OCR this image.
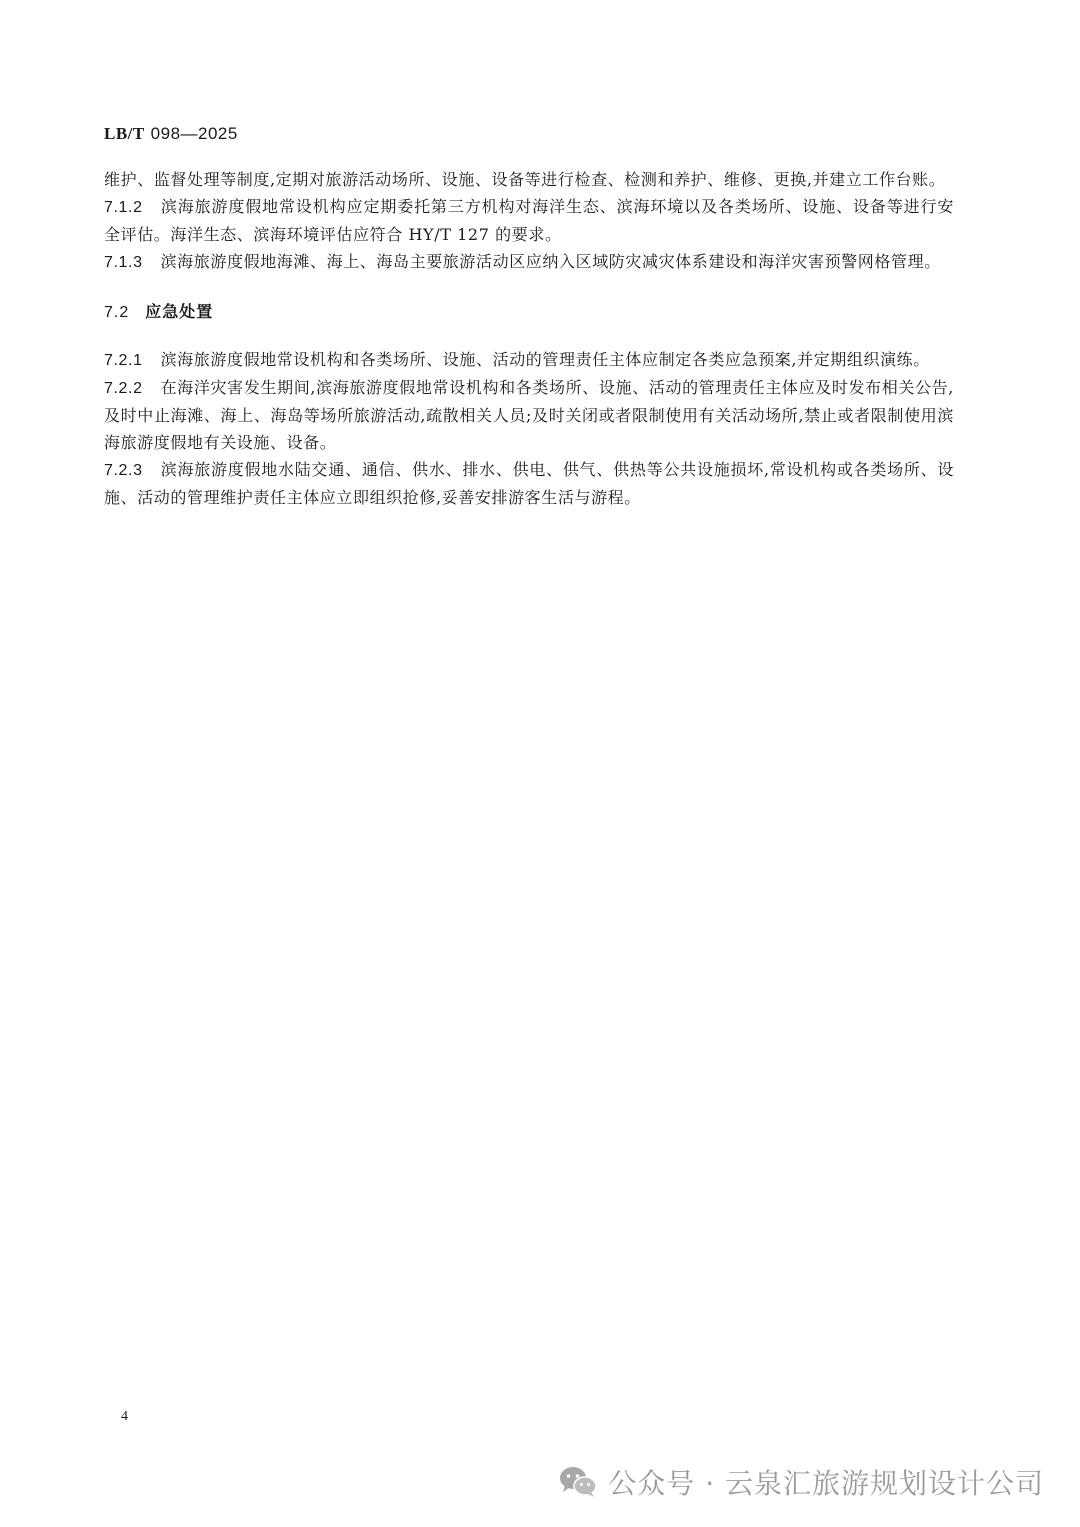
LB/T 098—2025

维护、监督处理等制度,定期对旅游活动场所、设施、设备等进行检查、检测和养护、维修、更换,并建立工作台账。

7.1.2 滨海旅游度假地常设机构应定期委托第三方机构对海洋生态、滨海环境以及各类场所、设施、设备等进行安全评估。海洋生态、滨海环境评估应符合 HY/T 127 的要求。

7.1.3 滨海旅游度假地海滩、海上、海岛主要旅游活动区应纳入区域防灾减灾体系建设和海洋灾害预警网格管理。

7.2 应急处置

7.2.1 滨海旅游度假地常设机构和各类场所、设施、活动的管理责任主体应制定各类应急预案,并定期组织演练。

7.2.2 在海洋灾害发生期间,滨海旅游度假地常设机构和各类场所、设施、活动的管理责任主体应及时发布相关公告,及时中止海滩、海上、海岛等场所旅游活动,疏散相关人员;及时关闭或者限制使用有关活动场所,禁止或者限制使用滨海旅游度假地有关设施、设备。

7.2.3 滨海旅游度假地水陆交通、通信、供水、排水、供电、供气、供热等公共设施损坏,常设机构或各类场所、设施、活动的管理维护责任主体应立即组织抢修,妥善安排游客生活与游程。

4
公众号 · 云泉汇旅游规划设计公司
